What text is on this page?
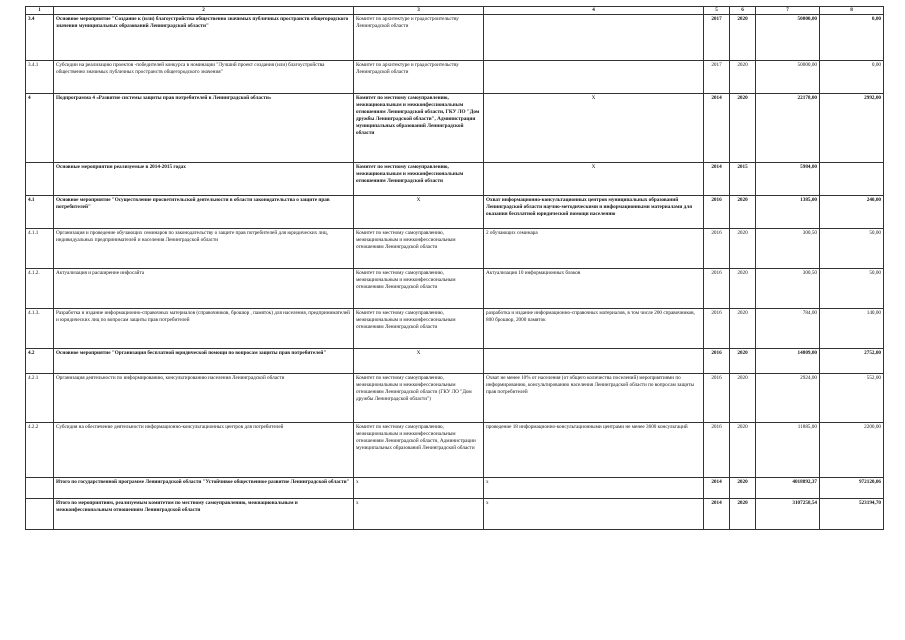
1	2	3	4	5	6	7	8
3.4	Основное мероприятие "Создание к (или) благоустройства общественно значимых публичных пространств общегородского значения муниципальных образований Ленинградской области"	Комитет по архитектуре и градостроительству Ленинградской области		2017	2020	50000,00	0,00
3.4.1	Субсидии на реализацию проектов -победителей конкурса в номинации "Лучший проект создания (или) благоустройства общественно значимых публичных пространств общегородского значения"	Комитет по архитектуре и градостроительству Ленинградской области		2017	2020	50000,00	0,00
4	Подпрограмма 4 «Развитие системы защиты прав потребителей в Ленинградской области»	Комитет по местному самоуправлению, межнациональным и межконфессиональным отношениям Ленинградской области, ГКУ ЛО "Дом дружбы Ленинградской области", Администрации муниципальных образований Ленинградской области	X	2014	2020	22178,00	2992,00
	Основные мероприятия реализуемые в 2014-2015 годах	Комитет по местному самоуправлению, межнациональным и межконфессиональным отношениям Ленинградской области	X	2014	2015	5984,00	
4.1	Основное мероприятие "Осуществление просветительской деятельности в области законодательства о защите прав потребителей"	X	Охват информационно-консультационных центров муниципальных образований Ленинградской области научно-методическими и информационными материалами для оказания бесплатной юридической помощи населению	2016	2020	1385,00	240,00
4.1.1	Организация и проведение обучающих семинаров по законодательству о защите прав потребителей для юридических лиц, индивидуальных предпринимателей и населения Ленинградской области	Комитет по местному самоуправлению, межнациональным и межконфессиональным отношениям Ленинградской области	2 обучающих семинара	2016	2020	300,50	50,00
4.1.2.	Актуализация и расширение инфосайта	Комитет по местному самоуправлению, межнациональным и межконфессиональным отношениям Ленинградской области	Актуализация 10 информационных блоков	2016	2020	300,50	50,00
4.1.3.	Разработка и издание информационно-справочных материалов (справочников, брошюр , памяток) для населения, предпринимателей и юридических лиц по вопросам защиты прав потребителей	Комитет по местному самоуправлению, межнациональным и межконфессиональным отношениям Ленинградской области	разработка и издание информационно-справочных материалов, в том числе 200 справочников, 800 брошюр, 2000 памяток	2016	2020	784,00	140,00
4.2	Основное мероприятие "Организация бесплатной юридической помощи по вопросам защиты прав потребителей"	X		2016	2020	14809,00	2752,00
4.2.1	Организация деятельности по информированию, консультированию населения Ленинградской области	Комитет по местному самоуправлению, межнациональным и межконфессиональным отношениям Ленинградской области (ГКУ ЛО "Дом дружбы Ленинградской области")	Охват не менее 10% от населения (от общего количества поселений) мероприятиями по информированию, консультированию населения Ленинградской области по вопросам защиты прав потребителей	2016	2020	2924,00	552,00
4.2.2	Субсидия на обеспечение деятельности информационно-консультационных центров для потребителей	Комитет по местному самоуправлению, межнациональным и межконфессиональным отношениям Ленинградской области, Администрации муниципальных образований Ленинградской области	проведение 18 информационно-консультационными центрами не менее 3600 консультаций	2016	2020	11885,00	2200,00
	Итого по государственной программе Ленинградской области "Устойчивое общественное развитие Ленинградской области"	x	x	2014	2020	4018892,37	972120,06
	Итого по мероприятиям, реализуемым комитетом по местному самоуправлению, межнациональным и межконфессиональным отношениям Ленинградской области	x	x	2014	2020	3107258,54	523194,70
